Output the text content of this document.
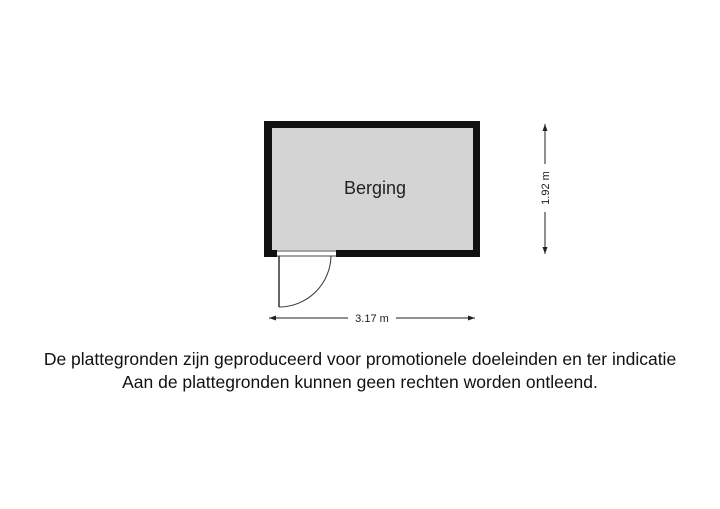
Berging
3.17 m
1.92 m
De plattegronden zijn geproduceerd voor promotionele doeleinden en ter indicatie
Aan de plattegronden kunnen geen rechten worden ontleend.
